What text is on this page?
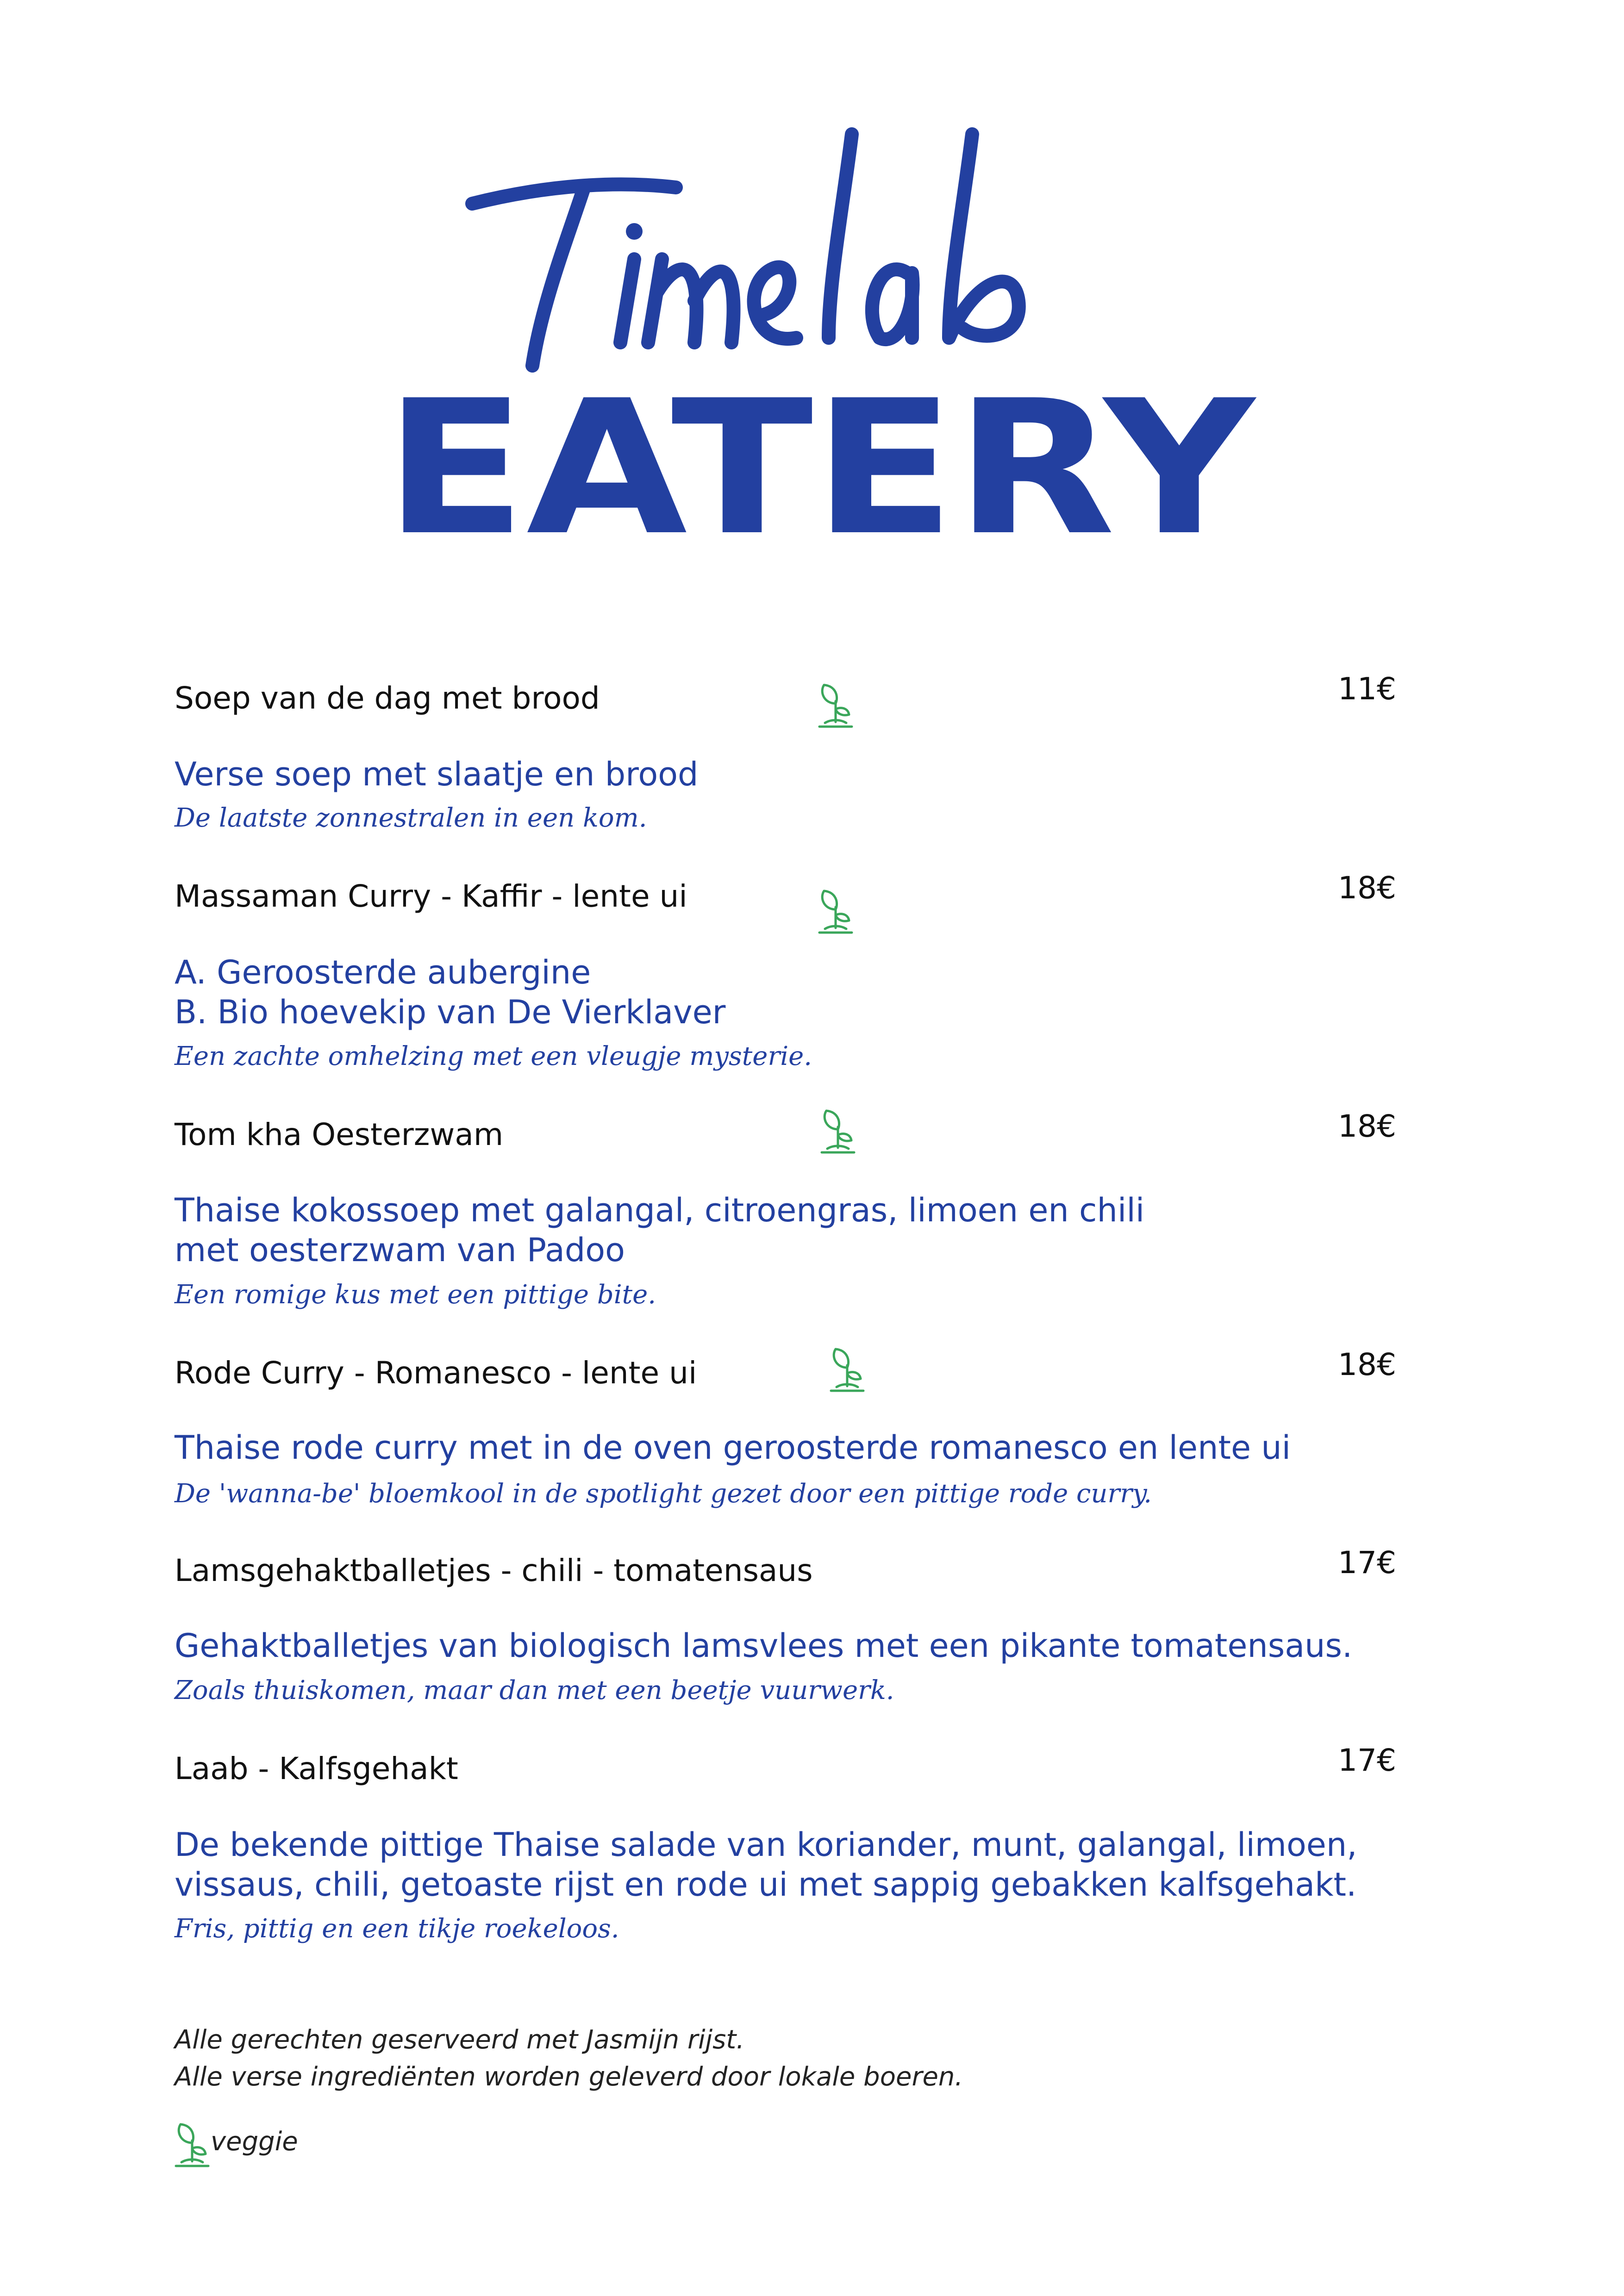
EATERY
Soep van de dag met brood	11€
Verse soep met slaatje en brood
De laatste zonnestralen in een kom.
Massaman Curry - Kaffir - lente ui	18€
A. Geroosterde aubergine
B. Bio hoevekip van De Vierklaver
Een zachte omhelzing met een vleugje mysterie.
Tom kha Oesterzwam	18€
Thaise kokossoep met galangal, citroengras, limoen en chili
met oesterzwam van Padoo
Een romige kus met een pittige bite.
Rode Curry - Romanesco - lente ui	18€
Thaise rode curry met in de oven geroosterde romanesco en lente ui
De 'wanna-be' bloemkool in de spotlight gezet door een pittige rode curry.
Lamsgehaktballetjes - chili - tomatensaus	17€
Gehaktballetjes van biologisch lamsvlees met een pikante tomatensaus.
Zoals thuiskomen, maar dan met een beetje vuurwerk.
Laab - Kalfsgehakt	17€
De bekende pittige Thaise salade van koriander, munt, galangal, limoen,
vissaus, chili, getoaste rijst en rode ui met sappig gebakken kalfsgehakt.
Fris, pittig en een tikje roekeloos.
Alle gerechten geserveerd met Jasmijn rijst.
Alle verse ingrediënten worden geleverd door lokale boeren.
veggie
